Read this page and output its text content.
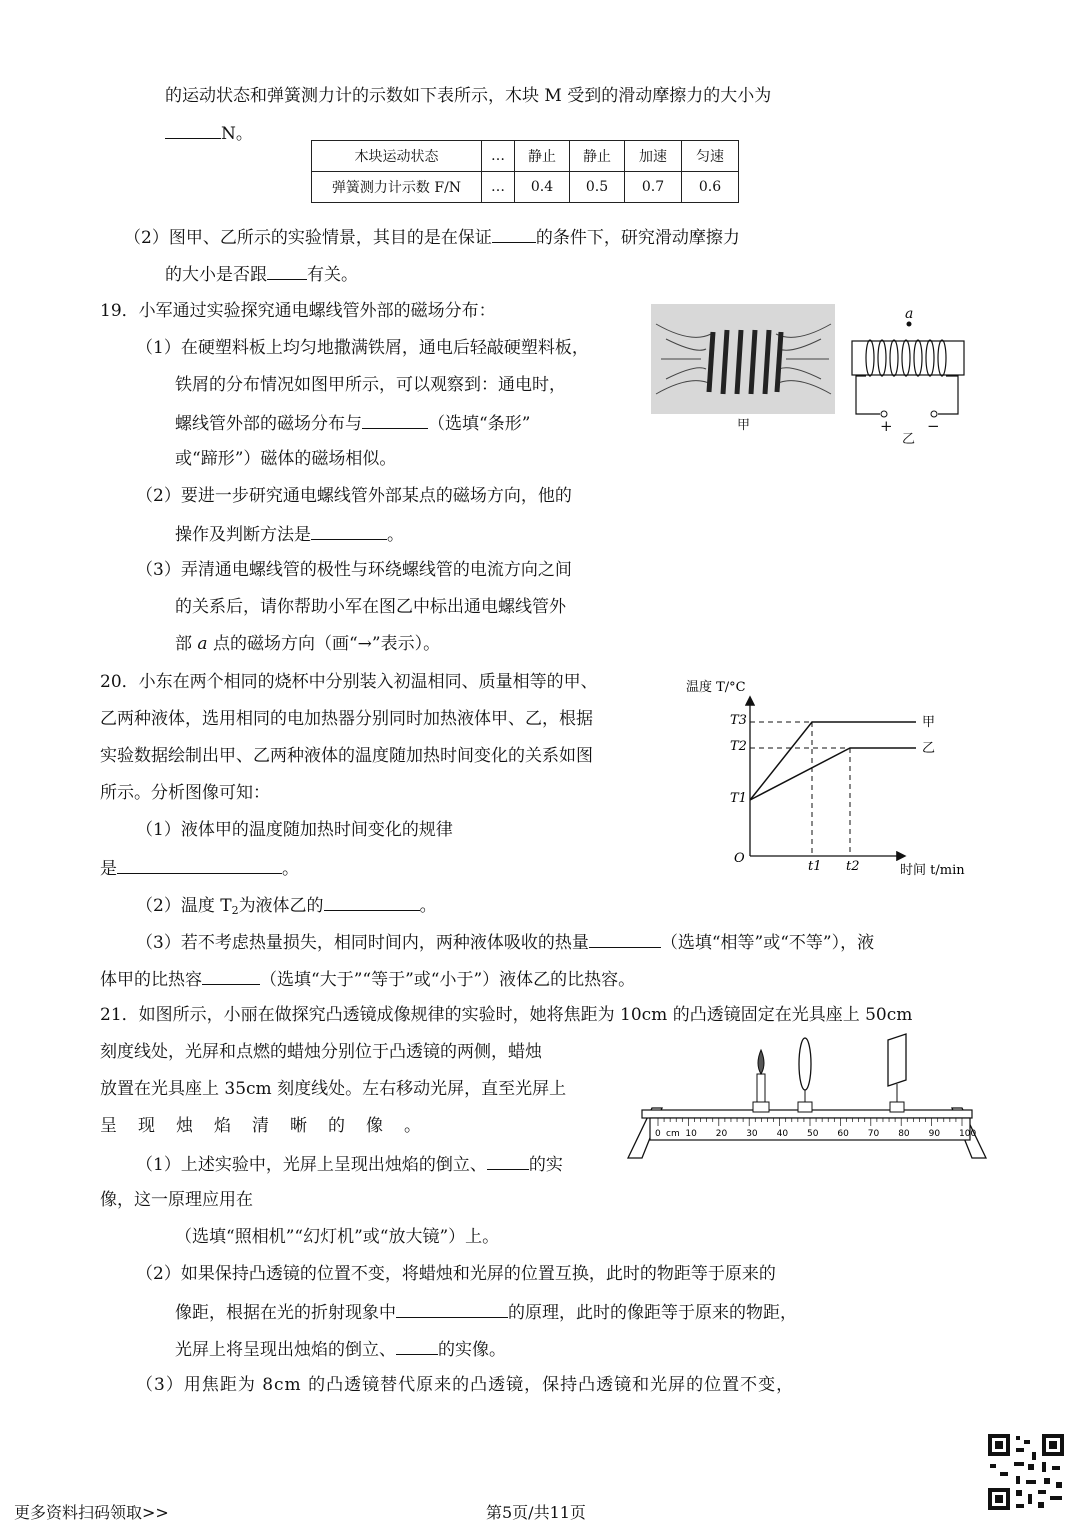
的运动状态和弹簧测力计的示数如下表所示，木块 M 受到的滑动摩擦力的大小为
N。
木块运动状态	…	静止	静止	加速	匀速
弹簧测力计示数 F/N	…	0.4	0.5	0.7	0.6
（2）图甲、乙所示的实验情景，其目的是在保证	的条件下，研究滑动摩擦力
的大小是否跟 有关。
19．小军通过实验探究通电螺线管外部的磁场分布：
（1）在硬塑料板上均匀地撒满铁屑，通电后轻敲硬塑料板，
铁屑的分布情况如图甲所示，可以观察到：通电时，
螺线管外部的磁场分布与	（选填“条形”
或“蹄形”）磁体的磁场相似。
（2）要进一步研究通电螺线管外部某点的磁场方向，他的
操作及判断方法是	。
（3）弄清通电螺线管的极性与环绕螺线管的电流方向之间
的关系后，请你帮助小军在图乙中标出通电螺线管外
部 a 点的磁场方向（画“→”表示）。
甲
a
+ −
乙
20．小东在两个相同的烧杯中分别装入初温相同、质量相等的甲、
乙两种液体，选用相同的电加热器分别同时加热液体甲、乙，根据
实验数据绘制出甲、乙两种液体的温度随加热时间变化的关系如图
所示。分析图像可知：
（1）液体甲的温度随加热时间变化的规律
是	。
（2）温度 $T_2$为液体乙的	。
（3）若不考虑热量损失，相同时间内，两种液体吸收的热量	（选填“相等”或“不等”），液
体甲的比热容	（选填“大于”“等于”或“小于”）液体乙的比热容。
温度 T/°C
时间 t/min
O
T3
T2
T1
t1 t2
甲
乙
21．如图所示，小丽在做探究凸透镜成像规律的实验时，她将焦距为 10cm 的凸透镜固定在光具座上 50cm
刻度线处，光屏和点燃的蜡烛分别位于凸透镜的两侧，蜡烛
放置在光具座上 35cm 刻度线处。左右移动光屏，直至光屏上
呈　现　烛　焰　清　晰　的　像　。
（1）上述实验中，光屏上呈现出烛焰的倒立、 的实
像，这一原理应用在
（选填“照相机”“幻灯机”或“放大镜”）上。
（2）如果保持凸透镜的位置不变，将蜡烛和光屏的位置互换，此时的物距等于原来的
像距，根据在光的折射现象中	的原理，此时的像距等于原来的物距，
光屏上将呈现出烛焰的倒立、 的实像。
（3）用焦距为 8cm 的凸透镜替代原来的凸透镜，保持凸透镜和光屏的位置不变，
0	10 20 30 40 50 60 70 80 90 100
cm
更多资料扫码领取>>	第5页/共11页
